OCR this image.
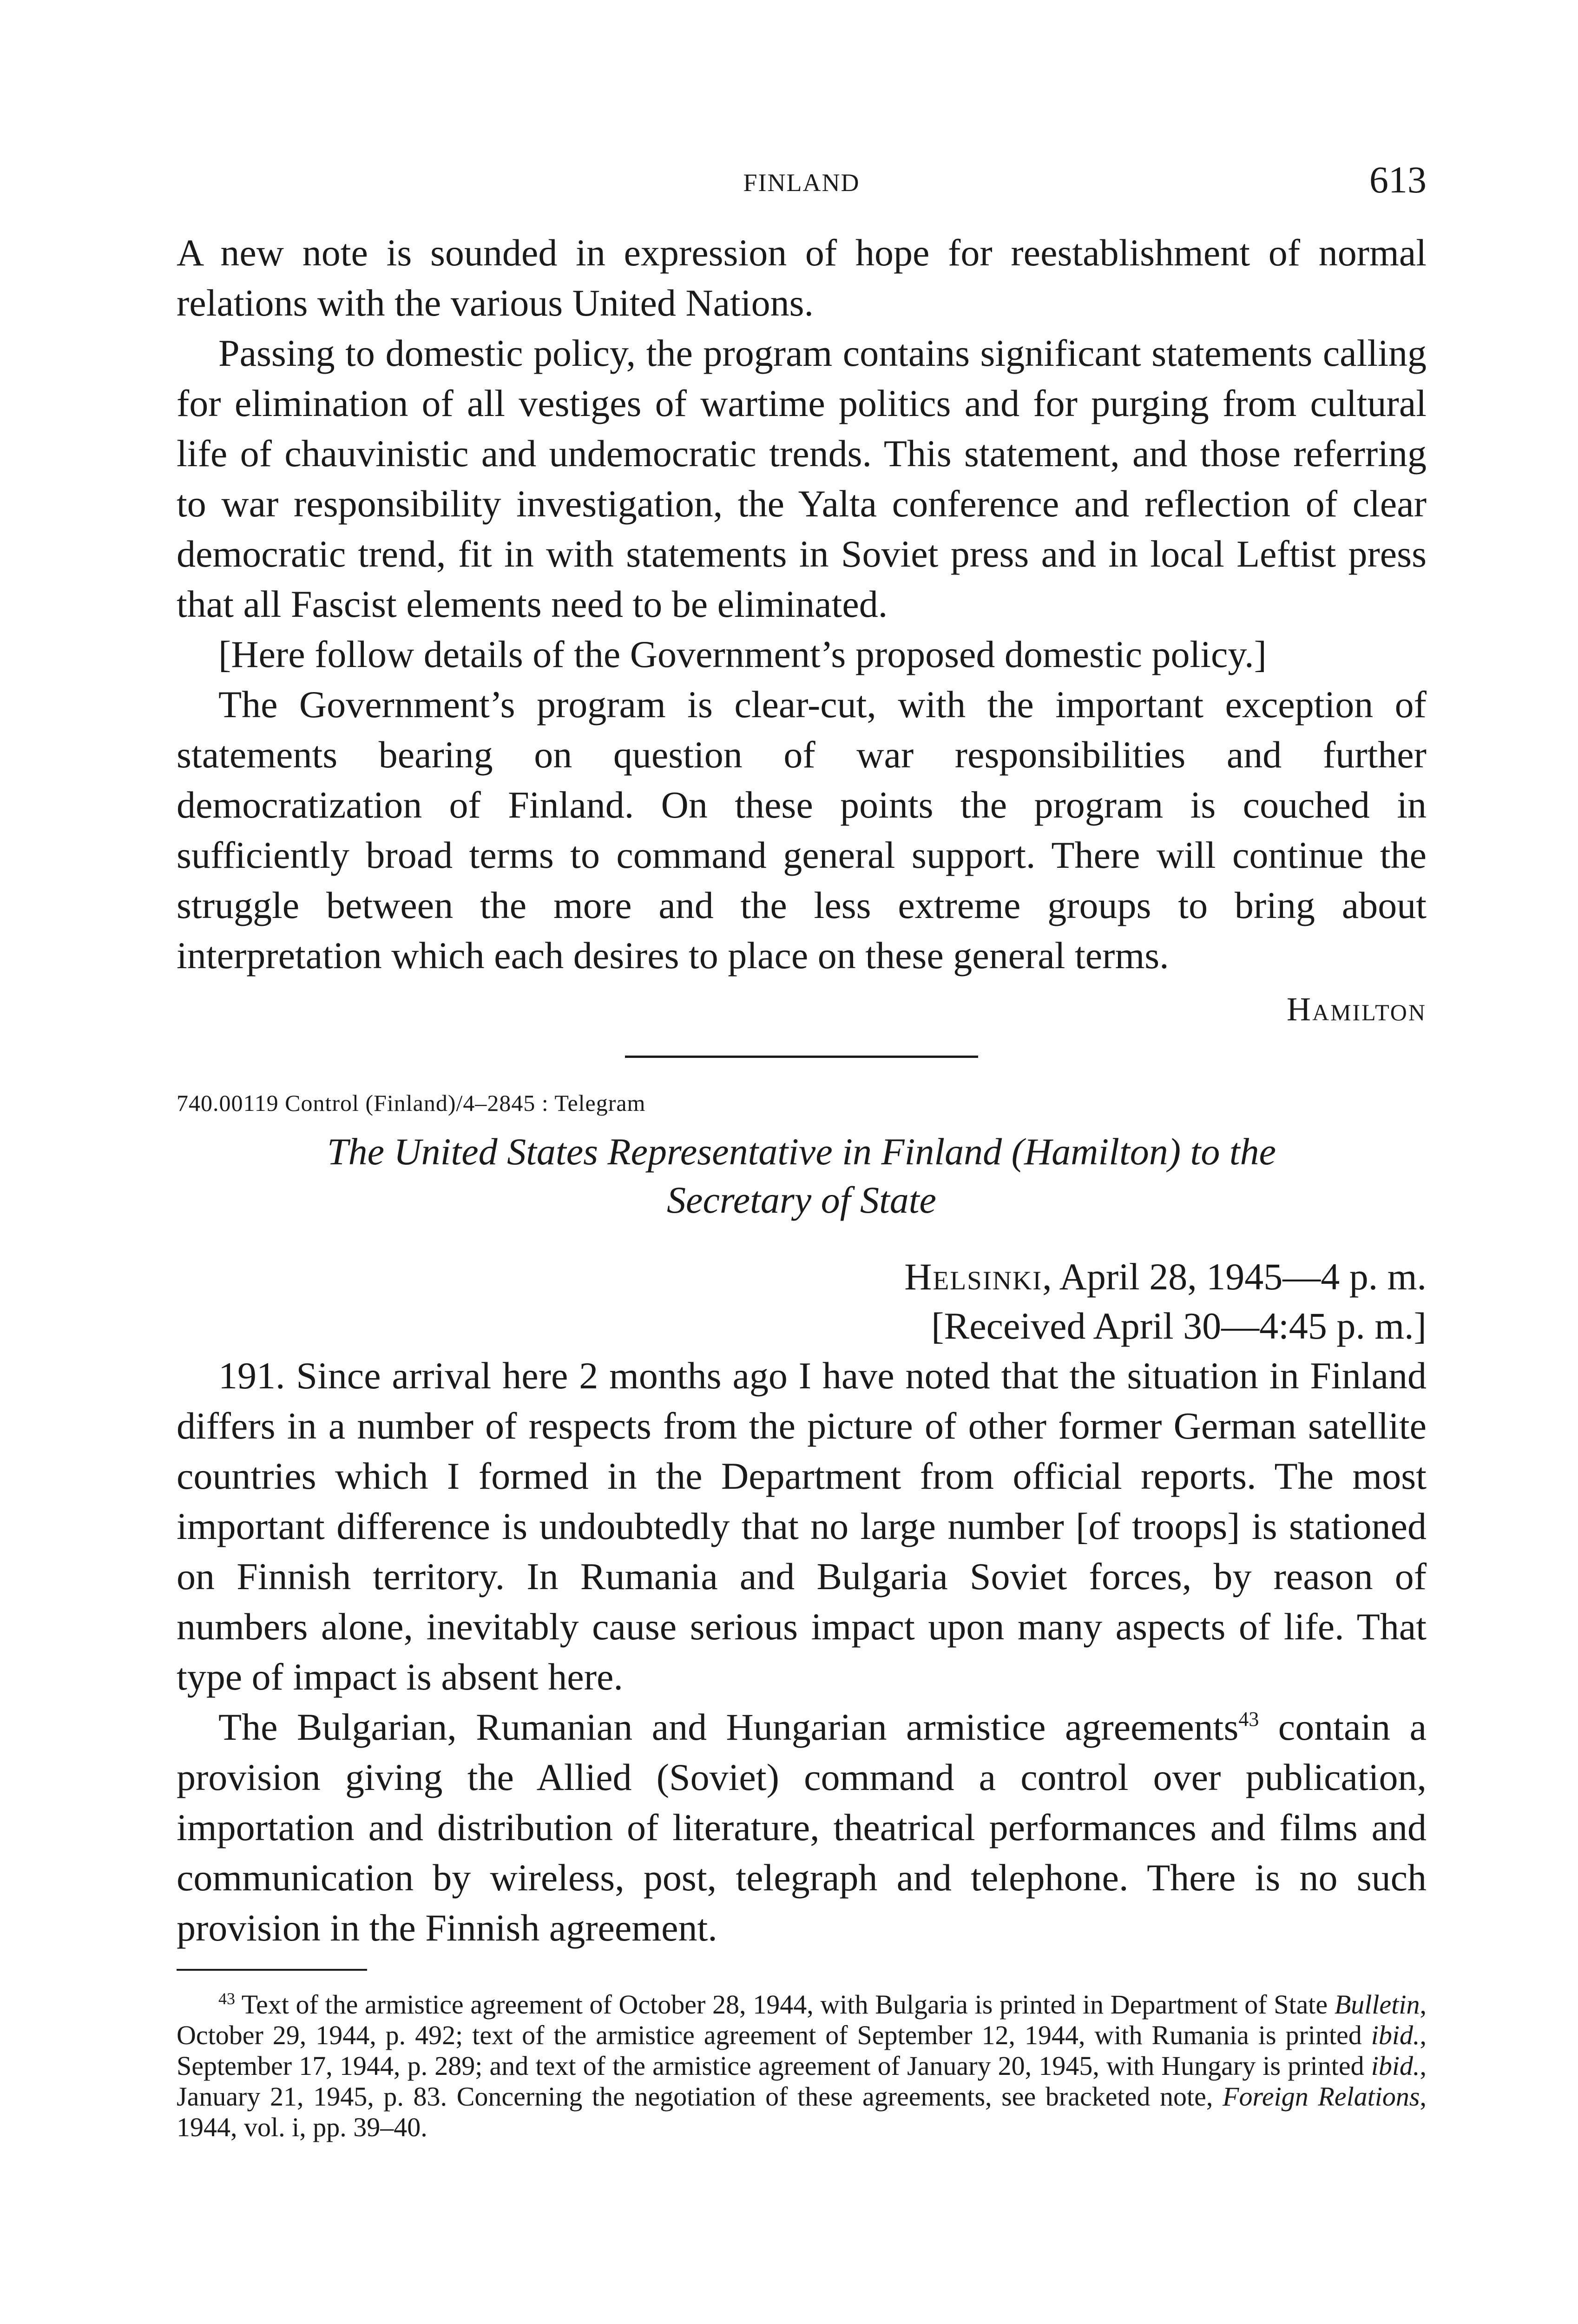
FINLAND	613

A new note is sounded in expression of hope for reestablishment of normal relations with the various United Nations.

Passing to domestic policy, the program contains significant statements calling for elimination of all vestiges of wartime politics and for purging from cultural life of chauvinistic and undemocratic trends. This statement, and those referring to war responsibility investigation, the Yalta conference and reflection of clear democratic trend, fit in with statements in Soviet press and in local Leftist press that all Fascist elements need to be eliminated.

[Here follow details of the Government’s proposed domestic policy.]

The Government’s program is clear-cut, with the important exception of statements bearing on question of war responsibilities and further democratization of Finland. On these points the program is couched in sufficiently broad terms to command general support. There will continue the struggle between the more and the less extreme groups to bring about interpretation which each desires to place on these general terms.

Hamilton
740.00119 Control (Finland)/4–2845 : Telegram
The United States Representative in Finland (Hamilton) to the
Secretary of State
Helsinki, April 28, 1945—4 p. m.
[Received April 30—4:45 p. m.]

191. Since arrival here 2 months ago I have noted that the situation in Finland differs in a number of respects from the picture of other former German satellite countries which I formed in the Department from official reports. The most important difference is undoubtedly that no large number [of troops] is stationed on Finnish territory. In Rumania and Bulgaria Soviet forces, by reason of numbers alone, inevitably cause serious impact upon many aspects of life. That type of impact is absent here.

The Bulgarian, Rumanian and Hungarian armistice agreements$^{43}$ contain a provision giving the Allied (Soviet) command a control over publication, importation and distribution of literature, theatrical performances and films and communication by wireless, post, telegraph and telephone. There is no such provision in the Finnish agreement.

$^{43}$ Text of the armistice agreement of October 28, 1944, with Bulgaria is printed in Department of State Bulletin, October 29, 1944, p. 492; text of the armistice agreement of September 12, 1944, with Rumania is printed ibid., September 17, 1944, p. 289; and text of the armistice agreement of January 20, 1945, with Hungary is printed ibid., January 21, 1945, p. 83. Concerning the negotiation of these agreements, see bracketed note, Foreign Relations, 1944, vol. i, pp. 39–40.
